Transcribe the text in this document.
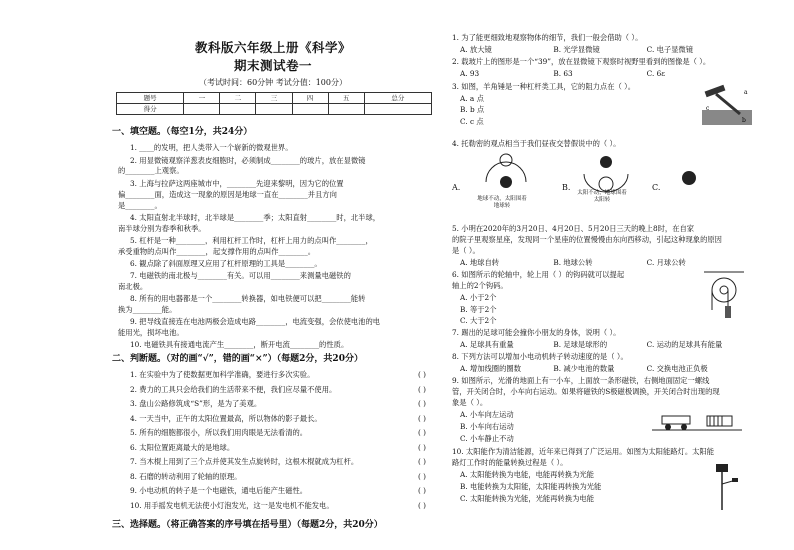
教科版六年级上册《科学》
期末测试卷一
（考试时间：60分钟 考试分值：100分）
题号	一	二	三	四	五	总分
得分						
一、填空题。（每空1分，共24分）
1. ____的发明，把人类带入一个崭新的微观世界。
2. 用显微镜观察洋葱表皮细胞时，必须制成________的玻片，放在显微镜
的________上观察。
3. 上海与拉萨这两座城市中，________先迎来黎明，因为它的位置
偏________面，造成这一现象的原因是地球一直在________并且方向
是________。
4. 太阳直射北半球时，北半球是________季；太阳直射________时，北半球，
南半球分别为春季和秋季。
5. 杠杆是一种________，利用杠杆工作时，杠杆上用力的点叫作________，
承受重物的点叫作________，起支撑作用的点叫作________。
6. 観点除了斜面原理又应用了杠杆原理的工具是________。
7. 电磁铁的南北极与________有关。可以用________来测量电磁铁的
南北极。
8. 所有的用电器都是一个________转换器，如电铁便可以把________能转
换为________能。
9. 把导线直接连在电池两极会造成电路________，电流变强，会依使电池的电
能用光，损坏电池。
10. 电磁铁具有接通电流产生________，断开电流________的性质。
二、判断题。（对的画“√”，错的画“×”）（每题2分，共20分）
1. 在实验中为了使数据更加科学准确，要进行多次实验。	( )
2. 费力的工具只会给我们的生活带来不便，我们应尽量不使用。	( )
3. 盘山公路修筑成“S”形，是为了美观。	( )
4. 一天当中，正午的太阳位置最高，所以物体的影子最长。	( )
5. 所有的细胞都很小，所以我们用肉眼是无法看清的。	( )
6. 太阳位置距离最大的是地球。	( )
7. 当木棍上用到了三个点并使其发生点旋转时，这根木棍就成为杠杆。	( )
8. 石磨的转动利用了轮轴的原理。	( )
9. 小电动机的转子是一个电磁铁，通电后能产生磁性。	( )
10. 用手摇发电机无法使小灯泡发光，这一是发电机不能发电。	( )
三、选择题。（将正确答案的序号填在括号里）（每题2分，共20分）
1. 为了能更细致地观察物体的细节，我们一般会借助（ ）。
A. 放大镜	B. 光学显微镜	C. 电子显微镜
2. 载玻片上的图形是一个“39”，放在显微镜下观察时视野里看到的图像是（ ）。
A. 93	B. 63	C. 6ɛ
3. 如图，羊角锤是一种杠杆类工具，它的阻力点在（ ）。
A. a 点
B. b 点
C. c 点
a
c
b
4. 托勒密的观点相当于我们昼夜交替假说中的（ ）。
A.	B.	C.
地球不动，太阳围着地球转
太阳不动，地球围着太阳转
5. 小明在2020年的3月20日、4月20日、5月20日三天的晚上8时，在自家
的院子里观察星座，发现同一个星座的位置慢慢由东向西移动，引起这种现象的原因
是（ ）。
A. 地球自转	B. 地球公转	C. 月球公转
6. 如图所示的轮轴中，轮上用（ ）的钩码就可以提起
轴上的2个钩码。
A. 小于2个
B. 等于2个
C. 大于2个
7. 踢出的足球可能会撞你小朋友的身体，说明（ ）。
A. 足球具有重量	B. 足球是球形的	C. 运动的足球具有能量
8. 下列方法可以增加小电动机转子转动速度的是（ ）。
A. 增加线圈的圈数	B. 减少电池的数量	C. 交换电池正负极
9. 如图所示，光滑的地面上有一小车，上面放一条形磁铁，右侧地面固定一螺线
管，开关闭合时，小车向右运动。如果将磁铁的S极磁极调换，开关闭合时出现的现
象是（ ）。
A. 小车向左运动
B. 小车向右运动
C. 小车静止不动
10. 太阳能作为清洁能源，近年来已得到了广泛运用。如图为太阳能路灯。太阳能
路灯工作时的能量转换过程是（ ）。
A. 太阳能转换为电能，电能再转换为光能
B. 电能转换为太阳能，太阳能再转换为光能
C. 太阳能转换为光能，光能再转换为电能
